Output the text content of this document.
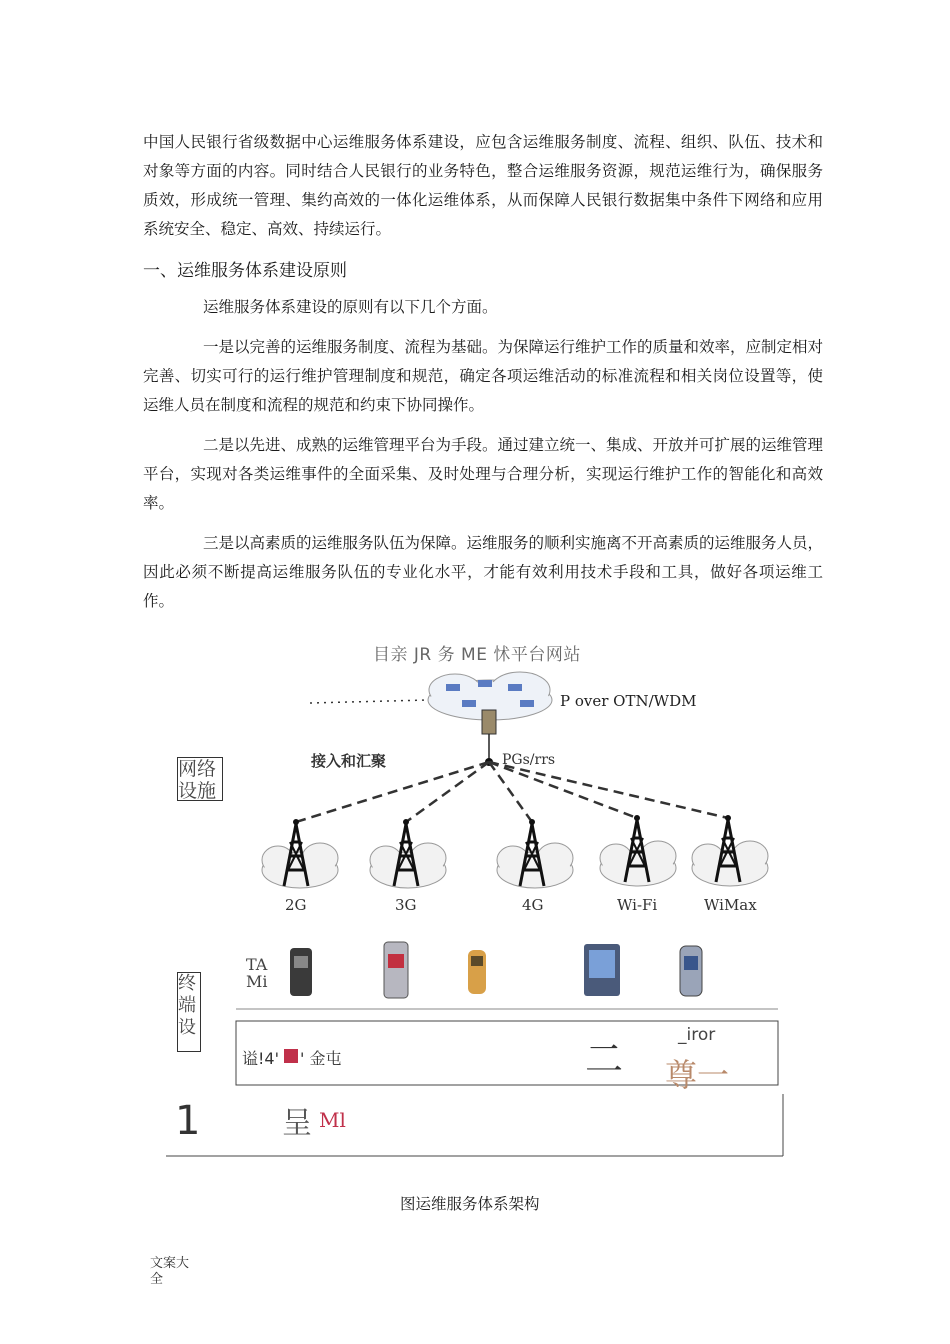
中国人民银行省级数据中心运维服务体系建设，应包含运维服务制度、流程、组织、队伍、技术和对象等方面的内容。同时结合人民银行的业务特色，整合运维服务资源，规范运维行为，确保服务质效，形成统一管理、集约高效的一体化运维体系，从而保障人民银行数据集中条件下网络和应用系统安全、稳定、高效、持续运行。

一、运维服务体系建设原则

运维服务体系建设的原则有以下几个方面。

一是以完善的运维服务制度、流程为基础。为保障运行维护工作的质量和效率，应制定相对完善、切实可行的运行维护管理制度和规范，确定各项运维活动的标准流程和相关岗位设置等，使运维人员在制度和流程的规范和约束下协同操作。

二是以先进、成熟的运维管理平台为手段。通过建立统一、集成、开放并可扩展的运维管理平台，实现对各类运维事件的全面采集、及时处理与合理分析，实现运行维护工作的智能化和高效率。

三是以高素质的运维服务队伍为保障。运维服务的顺利实施离不开高素质的运维服务人员，因此必须不断提高运维服务队伍的专业化水平，才能有效利用技术手段和工具，做好各项运维工作。

目亲 JR 务 ME 怵平台网站
P over OTN/WDM
接入和汇聚	PGs/rrs
网络设施
2G	3G	4G	Wi-Fi	WiMax
TA Mi
终端设
谥!4' ' 金屯	二
_iror
尊一
1	呈 Ml
图运维服务体系架构
文案大全
